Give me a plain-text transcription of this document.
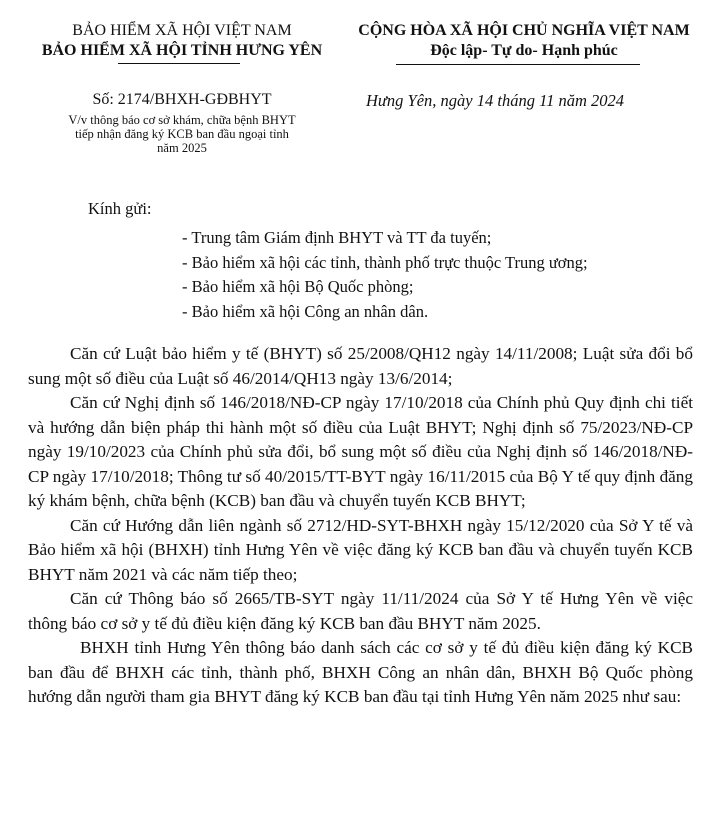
BẢO HIỂM XÃ HỘI VIỆT NAM
BẢO HIỂM XÃ HỘI TỈNH HƯNG YÊN
CỘNG HÒA XÃ HỘI CHỦ NGHĨA VIỆT NAM
Độc lập- Tự do- Hạnh phúc
Số: 2174/BHXH-GĐBHYT
V/v thông báo cơ sở khám, chữa bệnh BHYT
tiếp nhận đăng ký KCB ban đầu ngoại tỉnh
năm 2025
Hưng Yên, ngày 14 tháng 11 năm 2024
Kính gửi:
- Trung tâm Giám định BHYT và TT đa tuyến;
- Bảo hiểm xã hội các tỉnh, thành phố trực thuộc Trung ương;
- Bảo hiểm xã hội Bộ Quốc phòng;
- Bảo hiểm xã hội Công an nhân dân.

Căn cứ Luật bảo hiểm y tế (BHYT) số 25/2008/QH12 ngày 14/11/2008; Luật sửa đổi bổ sung một số điều của Luật số 46/2014/QH13 ngày 13/6/2014;

Căn cứ Nghị định số 146/2018/NĐ-CP ngày 17/10/2018 của Chính phủ Quy định chi tiết và hướng dẫn biện pháp thi hành một số điều của Luật BHYT; Nghị định số 75/2023/NĐ-CP ngày 19/10/2023 của Chính phủ sửa đổi, bổ sung một số điều của Nghị định số 146/2018/NĐ-CP ngày 17/10/2018; Thông tư số 40/2015/TT-BYT ngày 16/11/2015 của Bộ Y tế quy định đăng ký khám bệnh, chữa bệnh (KCB) ban đầu và chuyển tuyến KCB BHYT;

Căn cứ Hướng dẫn liên ngành số 2712/HD-SYT-BHXH ngày 15/12/2020 của Sở Y tế và Bảo hiểm xã hội (BHXH) tỉnh Hưng Yên về việc đăng ký KCB ban đầu và chuyển tuyến KCB BHYT năm 2021 và các năm tiếp theo;

Căn cứ Thông báo số 2665/TB-SYT ngày 11/11/2024 của Sở Y tế Hưng Yên về việc thông báo cơ sở y tế đủ điều kiện đăng ký KCB ban đầu BHYT năm 2025.

BHXH tỉnh Hưng Yên thông báo danh sách các cơ sở y tế đủ điều kiện đăng ký KCB ban đầu để BHXH các tỉnh, thành phố, BHXH Công an nhân dân, BHXH Bộ Quốc phòng hướng dẫn người tham gia BHYT đăng ký KCB ban đầu tại tỉnh Hưng Yên năm 2025 như sau:
